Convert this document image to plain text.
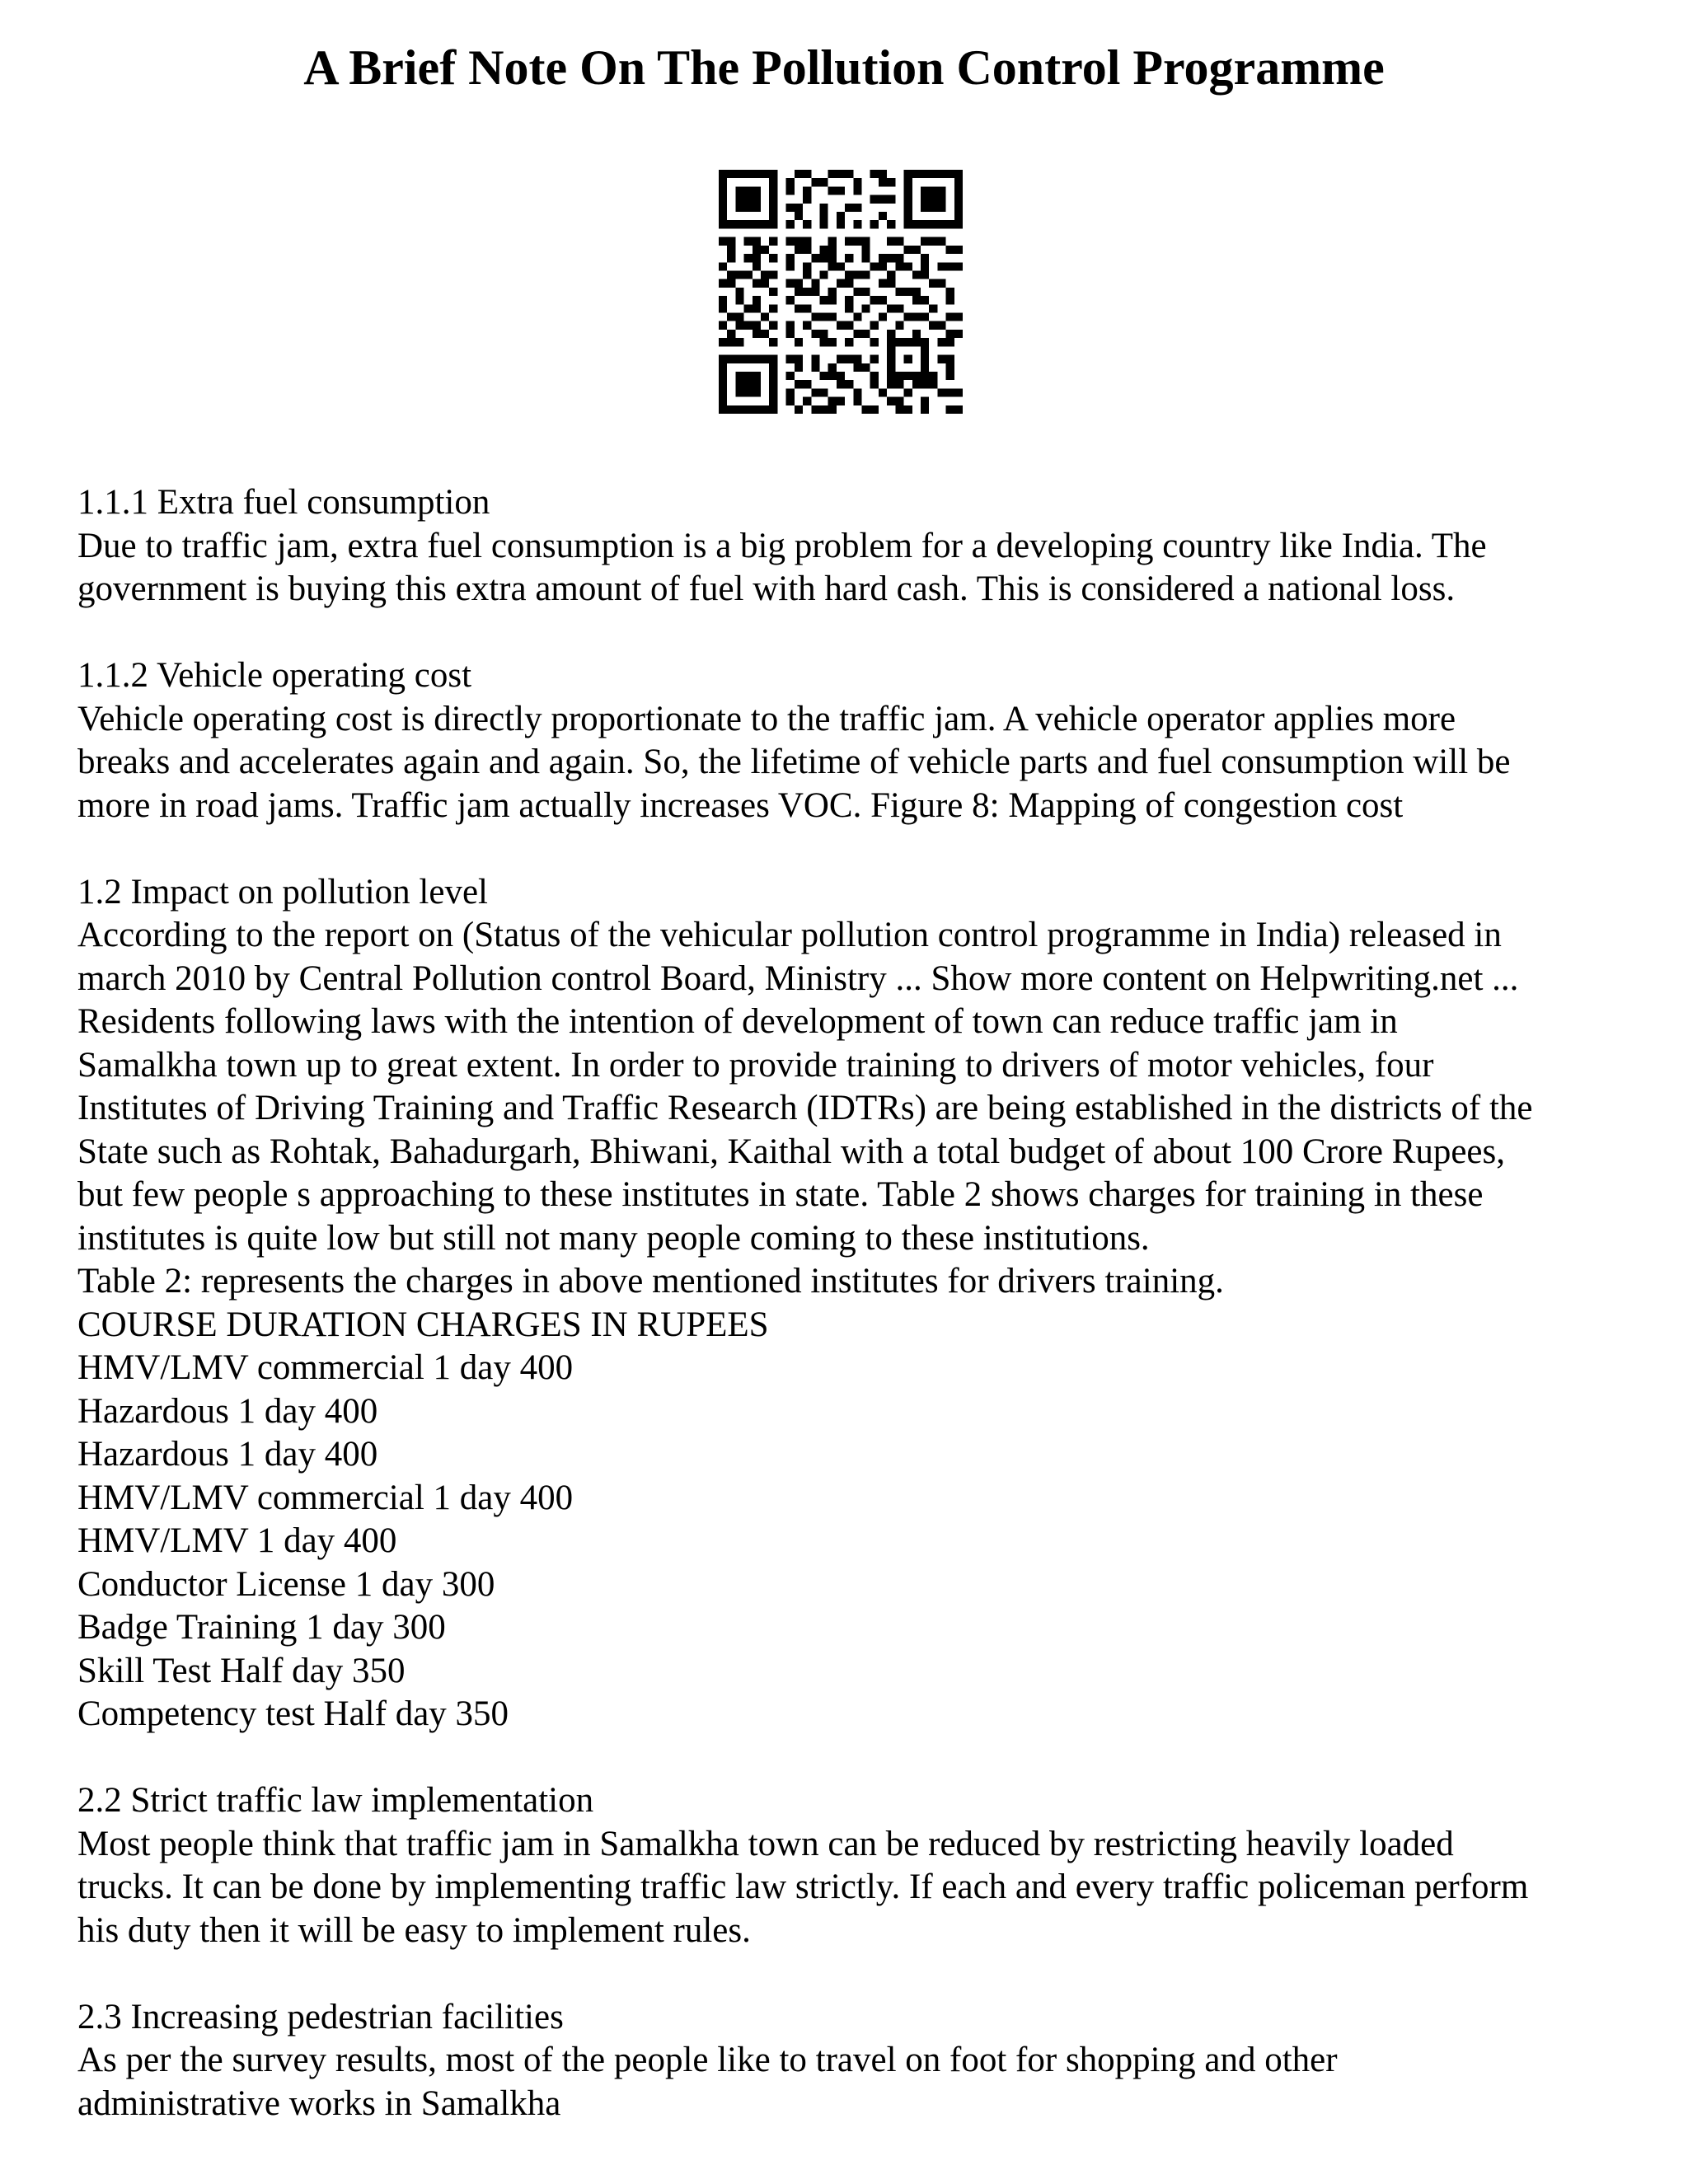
A Brief Note On The Pollution Control Programme
1.1.1 Extra fuel consumption
Due to traffic jam, extra fuel consumption is a big problem for a developing country like India. The
government is buying this extra amount of fuel with hard cash. This is considered a national loss.
1.1.2 Vehicle operating cost
Vehicle operating cost is directly proportionate to the traffic jam. A vehicle operator applies more
breaks and accelerates again and again. So, the lifetime of vehicle parts and fuel consumption will be
more in road jams. Traffic jam actually increases VOC. Figure 8: Mapping of congestion cost
1.2 Impact on pollution level
According to the report on (Status of the vehicular pollution control programme in India) released in
march 2010 by Central Pollution control Board, Ministry ... Show more content on Helpwriting.net ...
Residents following laws with the intention of development of town can reduce traffic jam in
Samalkha town up to great extent. In order to provide training to drivers of motor vehicles, four
Institutes of Driving Training and Traffic Research (IDTRs) are being established in the districts of the
State such as Rohtak, Bahadurgarh, Bhiwani, Kaithal with a total budget of about 100 Crore Rupees,
but few people s approaching to these institutes in state. Table 2 shows charges for training in these
institutes is quite low but still not many people coming to these institutions.
Table 2: represents the charges in above mentioned institutes for drivers training.
COURSE DURATION CHARGES IN RUPEES
HMV/LMV commercial 1 day 400
Hazardous 1 day 400
Hazardous 1 day 400
HMV/LMV commercial 1 day 400
HMV/LMV 1 day 400
Conductor License 1 day 300
Badge Training 1 day 300
Skill Test Half day 350
Competency test Half day 350
2.2 Strict traffic law implementation
Most people think that traffic jam in Samalkha town can be reduced by restricting heavily loaded
trucks. It can be done by implementing traffic law strictly. If each and every traffic policeman perform
his duty then it will be easy to implement rules.
2.3 Increasing pedestrian facilities
As per the survey results, most of the people like to travel on foot for shopping and other
administrative works in Samalkha
